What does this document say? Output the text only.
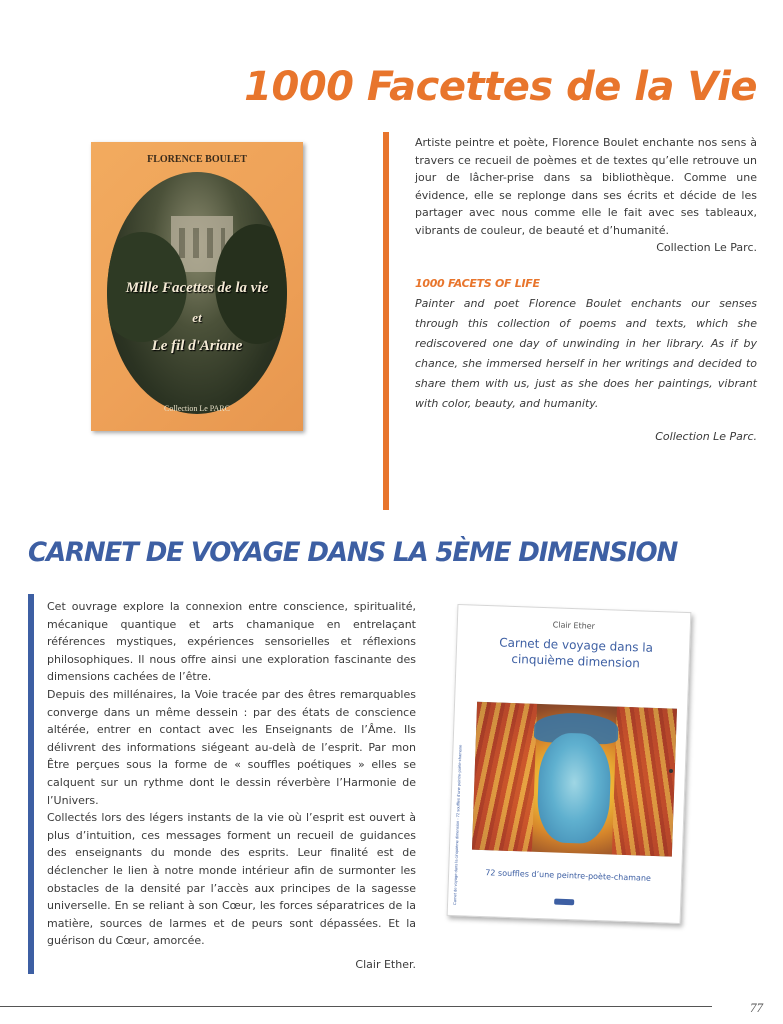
1000 Facettes de la Vie
FLORENCE BOULET
Mille Facettes de la vie
et
Le fil d'Ariane
Collection Le PARC

Artiste peintre et poète, Florence Boulet enchante nos sens à travers ce recueil de poèmes et de textes qu’elle retrouve un jour de lâcher-prise dans sa bibliothèque. Comme une évidence, elle se replonge dans ses écrits et décide de les partager avec nous comme elle le fait avec ses tableaux, vibrants de couleur, de beauté et d’humanité.

Collection Le Parc.

1000 FACETS OF LIFE

Painter and poet Florence Boulet enchants our senses through this collection of poems and texts, which she rediscovered one day of unwinding in her library. As if by chance, she immersed herself in her writings and decided to share them with us, just as she does her paintings, vibrant with color, beauty, and humanity.

Collection Le Parc.

CARNET DE VOYAGE DANS LA 5ÈME DIMENSION

Cet ouvrage explore la connexion entre conscience, spiritualité, mécanique quantique et arts chamanique en entrelaçant références mystiques, expériences sensorielles et réflexions philosophiques. Il nous offre ainsi une exploration fascinante des dimensions cachées de l’être.

Depuis des millénaires, la Voie tracée par des êtres remarquables converge dans un même dessein : par des états de conscience altérée, entrer en contact avec les Enseignants de l’Âme. Ils délivrent des informations siégeant au-delà de l’esprit. Par mon Être perçues sous la forme de « souffles poétiques » elles se calquent sur un rythme dont le dessin réverbère l’Harmonie de l’Univers.

Collectés lors des légers instants de la vie où l’esprit est ouvert à plus d’intuition, ces messages forment un recueil de guidances des enseignants du monde des esprits. Leur finalité est de déclencher le lien à notre monde intérieur afin de surmonter les obstacles de la densité par l’accès aux principes de la sagesse universelle. En se reliant à son Cœur, les forces séparatrices de la matière, sources de larmes et de peurs sont dépassées. Et la guérison du Cœur, amorcée.

Clair Ether.

Carnet de voyage dans la cinquième dimension - 72 souffles d’une peintre-poète-chamane
Clair Ether
Carnet de voyage dans la cinquième dimension
72 souffles d’une peintre-poète-chamane
77
